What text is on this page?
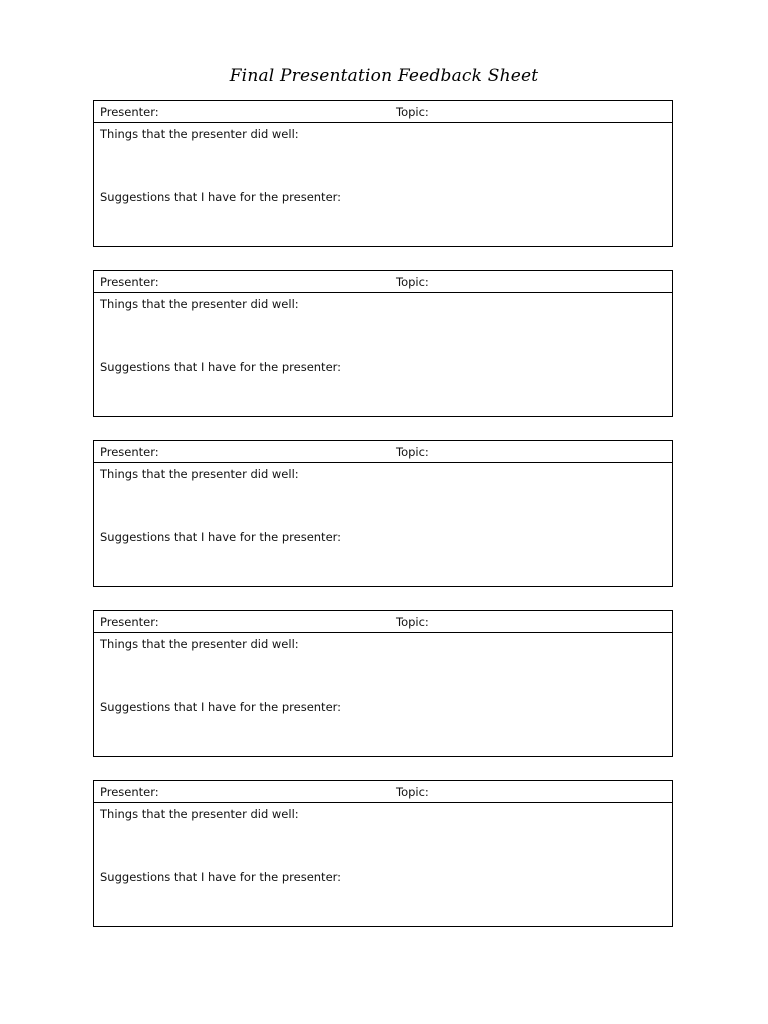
Final Presentation Feedback Sheet
Presenter:	Topic:
Things that the presenter did well:
Suggestions that I have for the presenter:
Presenter:	Topic:
Things that the presenter did well:
Suggestions that I have for the presenter:
Presenter:	Topic:
Things that the presenter did well:
Suggestions that I have for the presenter:
Presenter:	Topic:
Things that the presenter did well:
Suggestions that I have for the presenter:
Presenter:	Topic:
Things that the presenter did well:
Suggestions that I have for the presenter:
